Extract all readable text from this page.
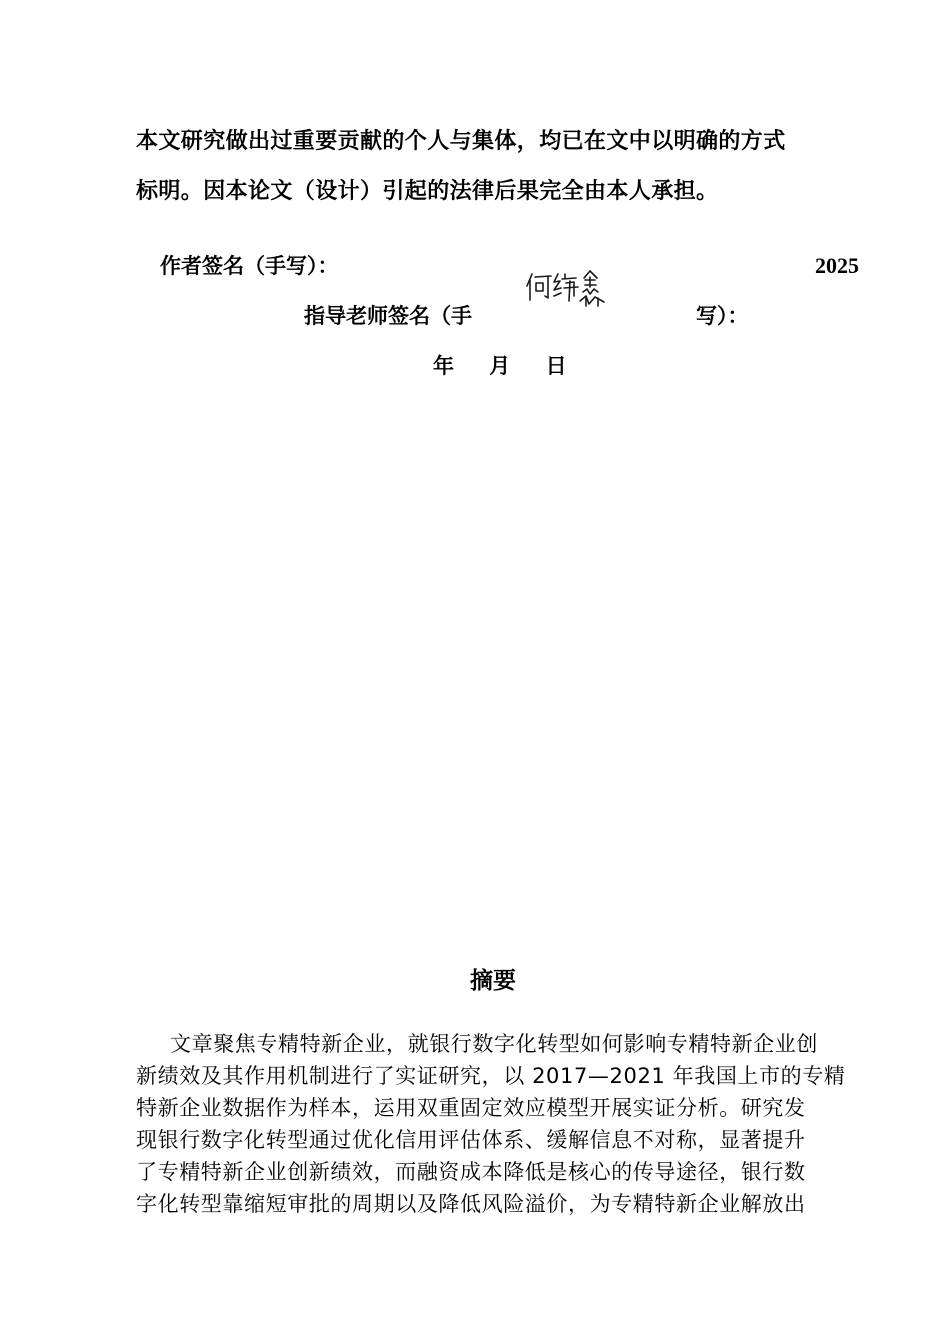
本文研究做出过重要贡献的个人与集体，均已在文中以明确的方式
标明。因本论文（设计）引起的法律后果完全由本人承担。
作者签名（手写）：	2025
指导老师签名（手	写）：
年 月 日
摘要
文章聚焦专精特新企业，就银行数字化转型如何影响专精特新企业创
新绩效及其作用机制进行了实证研究，以 2017—2021 年我国上市的专精
特新企业数据作为样本，运用双重固定效应模型开展实证分析。研究发
现银行数字化转型通过优化信用评估体系、缓解信息不对称，显著提升
了专精特新企业创新绩效，而融资成本降低是核心的传导途径，银行数
字化转型靠缩短审批的周期以及降低风险溢价，为专精特新企业解放出
